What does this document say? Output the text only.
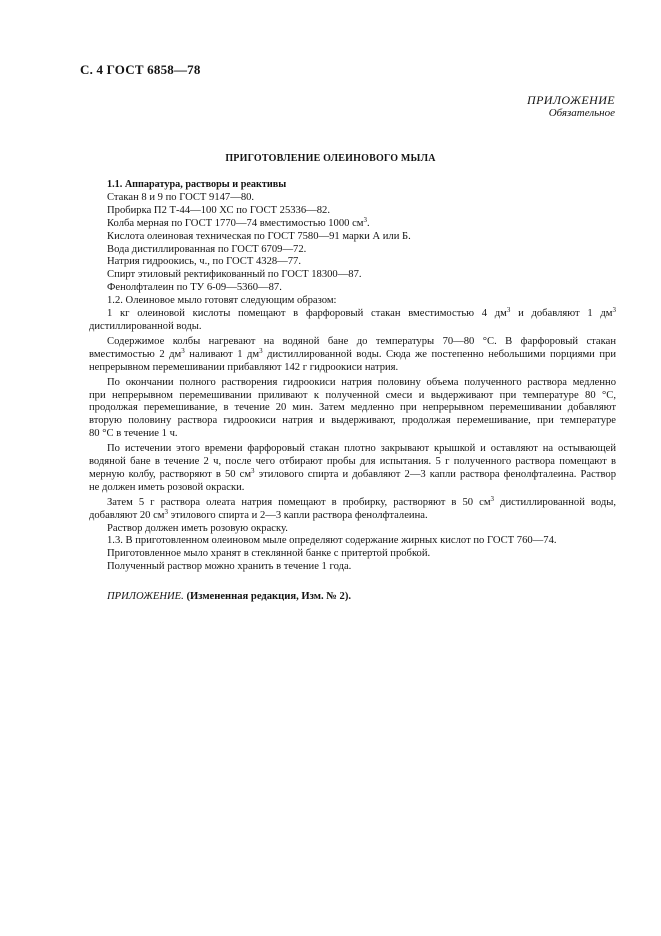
С. 4 ГОСТ 6858—78
ПРИЛОЖЕНИЕ
Обязательное
ПРИГОТОВЛЕНИЕ ОЛЕИНОВОГО МЫЛА
1.1. Аппаратура, растворы и реактивы
Стакан 8 и 9 по ГОСТ 9147—80.
Пробирка П2 Т-44—100 ХС по ГОСТ 25336—82.
Колба мерная по ГОСТ 1770—74 вместимостью 1000 $см^3$.
Кислота олеиновая техническая по ГОСТ 7580—91 марки А или Б.
Вода дистиллированная по ГОСТ 6709—72.
Натрия гидроокись, ч., по ГОСТ 4328—77.
Спирт этиловый ректификованный по ГОСТ 18300—87.
Фенолфталеин по ТУ 6-09—5360—87.
1.2. Олеиновое мыло готовят следующим образом:
1 кг олеиновой кислоты помещают в фарфоровый стакан вместимостью 4 $дм^3$ и добавляют 1 $дм^3$
дистиллированной воды.
Содержимое колбы нагревают на водяной бане до температуры 70—80 °С. В фарфоровый стакан
вместимостью 2 $дм^3$ наливают 1 $дм^3$ дистиллированной воды. Сюда же постепенно небольшими порциями при
непрерывном перемешивании прибавляют 142 г гидроокиси натрия.
По окончании полного растворения гидроокиси натрия половину объема полученного раствора медленно
при непрерывном перемешивании приливают к полученной смеси и выдерживают при температуре 80 °С,
продолжая перемешивание, в течение 20 мин. Затем медленно при непрерывном перемешивании добавляют
вторую половину раствора гидроокиси натрия и выдерживают, продолжая перемешивание, при температуре
80 °С в течение 1 ч.
По истечении этого времени фарфоровый стакан плотно закрывают крышкой и оставляют на остывающей
водяной бане в течение 2 ч, после чего отбирают пробы для испытания. 5 г полученного раствора помещают в
мерную колбу, растворяют в 50 $см^3$ этилового спирта и добавляют 2—3 капли раствора фенолфталеина. Раствор
не должен иметь розовой окраски.
Затем 5 г раствора олеата натрия помещают в пробирку, растворяют в 50 $см^3$ дистиллированной воды,
добавляют 20 $см^3$ этилового спирта и 2—3 капли раствора фенолфталеина.
Раствор должен иметь розовую окраску.
1.3. В приготовленном олеиновом мыле определяют содержание жирных кислот по ГОСТ 760—74.
Приготовленное мыло хранят в стеклянной банке с притертой пробкой.
Полученный раствор можно хранить в течение 1 года.
ПРИЛОЖЕНИЕ. (Измененная редакция, Изм. № 2).
